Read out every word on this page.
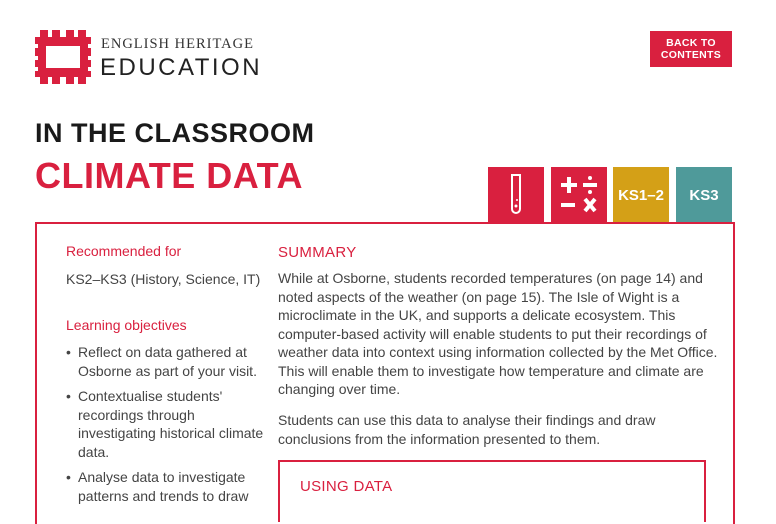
ENGLISH HERITAGE
EDUCATION
BACK TO
CONTENTS
IN THE CLASSROOM
CLIMATE DATA	KS1–2	KS3
Recommended for
KS2–KS3 (History, Science, IT)
Learning objectives
• Reflect on data gathered at Osborne as part of your visit.
• Contextualise students' recordings through investigating historical climate data.
• Analyse data to investigate patterns and trends to draw
SUMMARY
While at Osborne, students recorded temperatures (on page 14) and noted aspects of the weather (on page 15). The Isle of Wight is a microclimate in the UK, and supports a delicate ecosystem. This computer-based activity will enable students to put their recordings of weather data into context using information collected by the Met Office. This will enable them to investigate how temperature and climate are changing over time.
Students can use this data to analyse their findings and draw conclusions from the information presented to them.
USING DATA
